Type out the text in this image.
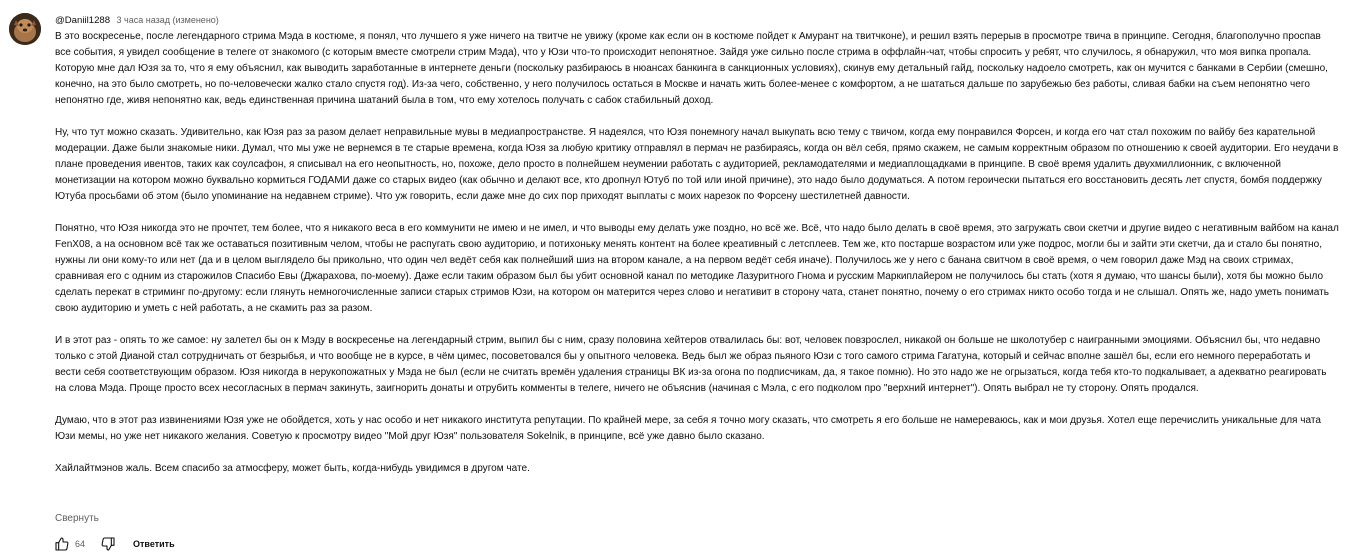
@Daniil1288 3 часа назад (изменено)

В это воскресенье, после легендарного стрима Мэда в костюме, я понял, что лучшего я уже ничего на твитче не увижу (кроме как если он в костюме пойдет к Амурант на твитчконе), и решил взять перерыв в просмотре твича в принципе. Сегодня, благополучно проспав все события, я увидел сообщение в телеге от знакомого (с которым вместе смотрели стрим Мэда), что у Юзи что-то происходит непонятное. Зайдя уже сильно после стрима в оффлайн-чат, чтобы спросить у ребят, что случилось, я обнаружил, что моя випка пропала. Которую мне дал Юзя за то, что я ему объяснил, как выводить заработанные в интернете деньги (поскольку разбираюсь в нюансах банкинга в санкционных условиях), скинув ему детальный гайд, поскольку надоело смотреть, как он мучится с банками в Сербии (смешно, конечно, на это было смотреть, но по-человечески жалко стало спустя год). Из-за чего, собственно, у него получилось остаться в Москве и начать жить более-менее с комфортом, а не шататься дальше по зарубежью без работы, сливая бабки на съем непонятно чего непонятно где, живя непонятно как, ведь единственная причина шатаний была в том, что ему хотелось получать с сабок стабильный доход.

Ну, что тут можно сказать. Удивительно, как Юзя раз за разом делает неправильные мувы в медиапространстве. Я надеялся, что Юзя понемногу начал выкупать всю тему с твичом, когда ему понравился Форсен, и когда его чат стал похожим по вайбу без карательной модерации. Даже были знакомые ники. Думал, что мы уже не вернемся в те старые времена, когда Юзя за любую критику отправлял в пермач не разбираясь, когда он вёл себя, прямо скажем, не самым корректным образом по отношению к своей аудитории. Его неудачи в плане проведения ивентов, таких как соулсафон, я списывал на его неопытность, но, похоже, дело просто в полнейшем неумении работать с аудиторией, рекламодателями и медиаплощадками в принципе. В своё время удалить двухмиллионник, с включенной монетизации на котором можно буквально кормиться ГОДАМИ даже со старых видео (как обычно и делают все, кто дропнул Ютуб по той или иной причине), это надо было додуматься. А потом героически пытаться его восстановить десять лет спустя, бомбя поддержку Ютуба просьбами об этом (было упоминание на недавнем стриме). Что уж говорить, если даже мне до сих пор приходят выплаты с моих нарезок по Форсену шестилетней давности.

Понятно, что Юзя никогда это не прочтет, тем более, что я никакого веса в его коммунити не имею и не имел, и что выводы ему делать уже поздно, но всё же. Всё, что надо было делать в своё время, это загружать свои скетчи и другие видео с негативным вайбом на канал FenX08, а на основном всё так же оставаться позитивным челом, чтобы не распугать свою аудиторию, и потихоньку менять контент на более креативный с летсплеев. Тем же, кто постарше возрастом или уже подрос, могли бы и зайти эти скетчи, да и стало бы понятно, нужны ли они кому-то или нет (да и в целом выглядело бы прикольно, что один чел ведёт себя как полнейший шиз на втором канале, а на первом ведёт себя иначе). Получилось же у него с банана свитчом в своё время, о чем говорил даже Мэд на своих стримах, сравнивая его с одним из старожилов Спасибо Евы (Джарахова, по-моему). Даже если таким образом был бы убит основной канал по методике Лазуритного Гнома и русским Маркиплайером не получилось бы стать (хотя я думаю, что шансы были), хотя бы можно было сделать перекат в стриминг по-другому: если глянуть немногочисленные записи старых стримов Юзи, на котором он матерится через слово и негативит в сторону чата, станет понятно, почему о его стримах никто особо тогда и не слышал. Опять же, надо уметь понимать свою аудиторию и уметь с ней работать, а не скамить раз за разом.

И в этот раз - опять то же самое: ну залетел бы он к Мэду в воскресенье на легендарный стрим, выпил бы с ним, сразу половина хейтеров отвалилась бы: вот, человек повзрослел, никакой он больше не школотубер с наигранными эмоциями. Объяснил бы, что недавно только с этой Дианой стал сотрудничать от безрыбья, и что вообще не в курсе, в чём цимес, посоветовался бы у опытного человека. Ведь был же образ пьяного Юзи с того самого стрима Гагатуна, который и сейчас вполне зашёл бы, если его немного переработать и вести себя соответствующим образом. Юзя никогда в нерукопожатных у Мэда не был (если не считать времён удаления страницы ВК из-за огона по подписчикам, да, я такое помню). Но это надо же не огрызаться, когда тебя кто-то подкалывает, а адекватно реагировать на слова Мэда. Проще просто всех несогласных в пермач закинуть, заигнорить донаты и отрубить комменты в телеге, ничего не объяснив (начиная с Мэла, с его подколом про "верхний интернет"). Опять выбрал не ту сторону. Опять продался.

Думаю, что в этот раз извинениями Юзя уже не обойдется, хоть у нас особо и нет никакого института репутации. По крайней мере, за себя я точно могу сказать, что смотреть я его больше не намереваюсь, как и мои друзья. Хотел еще перечислить уникальные для чата Юзи мемы, но уже нет никакого желания. Советую к просмотру видео "Мой друг Юзя" пользователя Sokelnik, в принципе, всё уже давно было сказано.

Хайлайтмэнов жаль. Всем спасибо за атмосферу, может быть, когда-нибудь увидимся в другом чате.

Свернуть
64	Ответить
